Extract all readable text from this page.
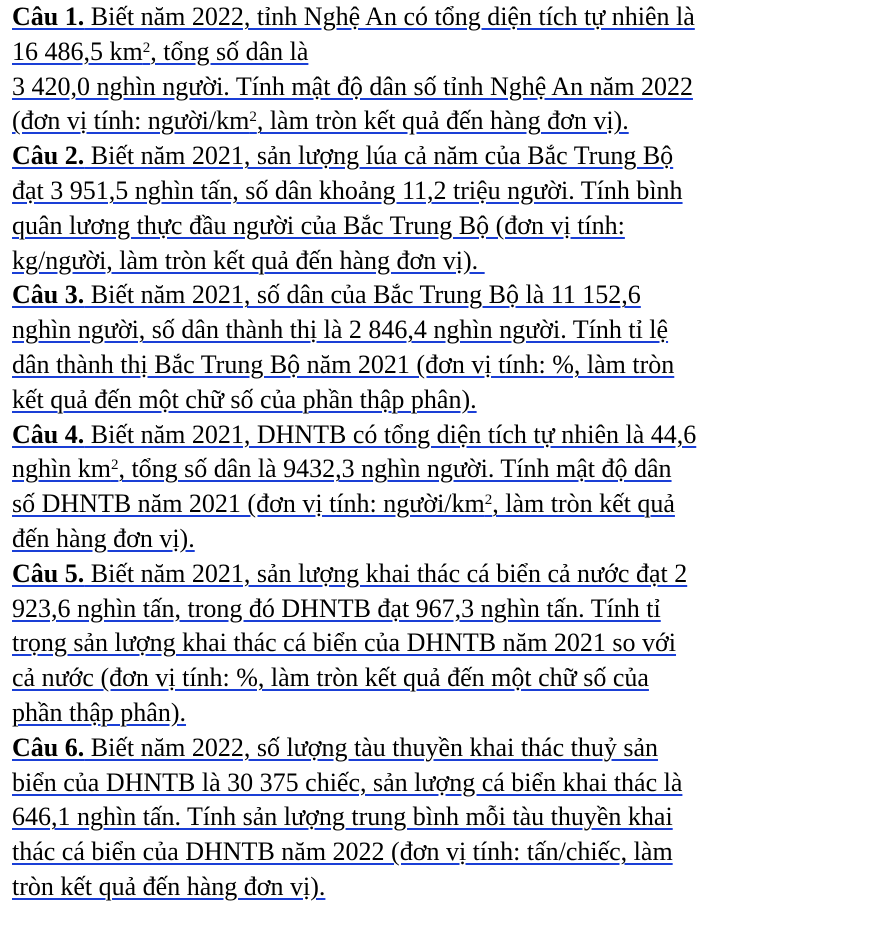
Câu 1. Biết năm 2022, tỉnh Nghệ An có tổng diện tích tự nhiên là
16 486,5 $km^2$, tổng số dân là
3 420,0 nghìn người. Tính mật độ dân số tỉnh Nghệ An năm 2022
(đơn vị tính: người/$km^2$, làm tròn kết quả đến hàng đơn vị).

Câu 2. Biết năm 2021, sản lượng lúa cả năm của Bắc Trung Bộ
đạt 3 951,5 nghìn tấn, số dân khoảng 11,2 triệu người. Tính bình
quân lương thực đầu người của Bắc Trung Bộ (đơn vị tính:
kg/người, làm tròn kết quả đến hàng đơn vị).

Câu 3. Biết năm 2021, số dân của Bắc Trung Bộ là 11 152,6
nghìn người, số dân thành thị là 2 846,4 nghìn người. Tính tỉ lệ
dân thành thị Bắc Trung Bộ năm 2021 (đơn vị tính: %, làm tròn
kết quả đến một chữ số của phần thập phân).

Câu 4. Biết năm 2021, DHNTB có tổng diện tích tự nhiên là 44,6
nghìn $km^2$, tổng số dân là 9432,3 nghìn người. Tính mật độ dân
số DHNTB năm 2021 (đơn vị tính: người/$km^2$, làm tròn kết quả
đến hàng đơn vị).

Câu 5. Biết năm 2021, sản lượng khai thác cá biển cả nước đạt 2
923,6 nghìn tấn, trong đó DHNTB đạt 967,3 nghìn tấn. Tính tỉ
trọng sản lượng khai thác cá biển của DHNTB năm 2021 so với
cả nước (đơn vị tính: %, làm tròn kết quả đến một chữ số của
phần thập phân).

Câu 6. Biết năm 2022, số lượng tàu thuyền khai thác thuỷ sản
biển của DHNTB là 30 375 chiếc, sản lượng cá biển khai thác là
646,1 nghìn tấn. Tính sản lượng trung bình mỗi tàu thuyền khai
thác cá biển của DHNTB năm 2022 (đơn vị tính: tấn/chiếc, làm
tròn kết quả đến hàng đơn vị).
